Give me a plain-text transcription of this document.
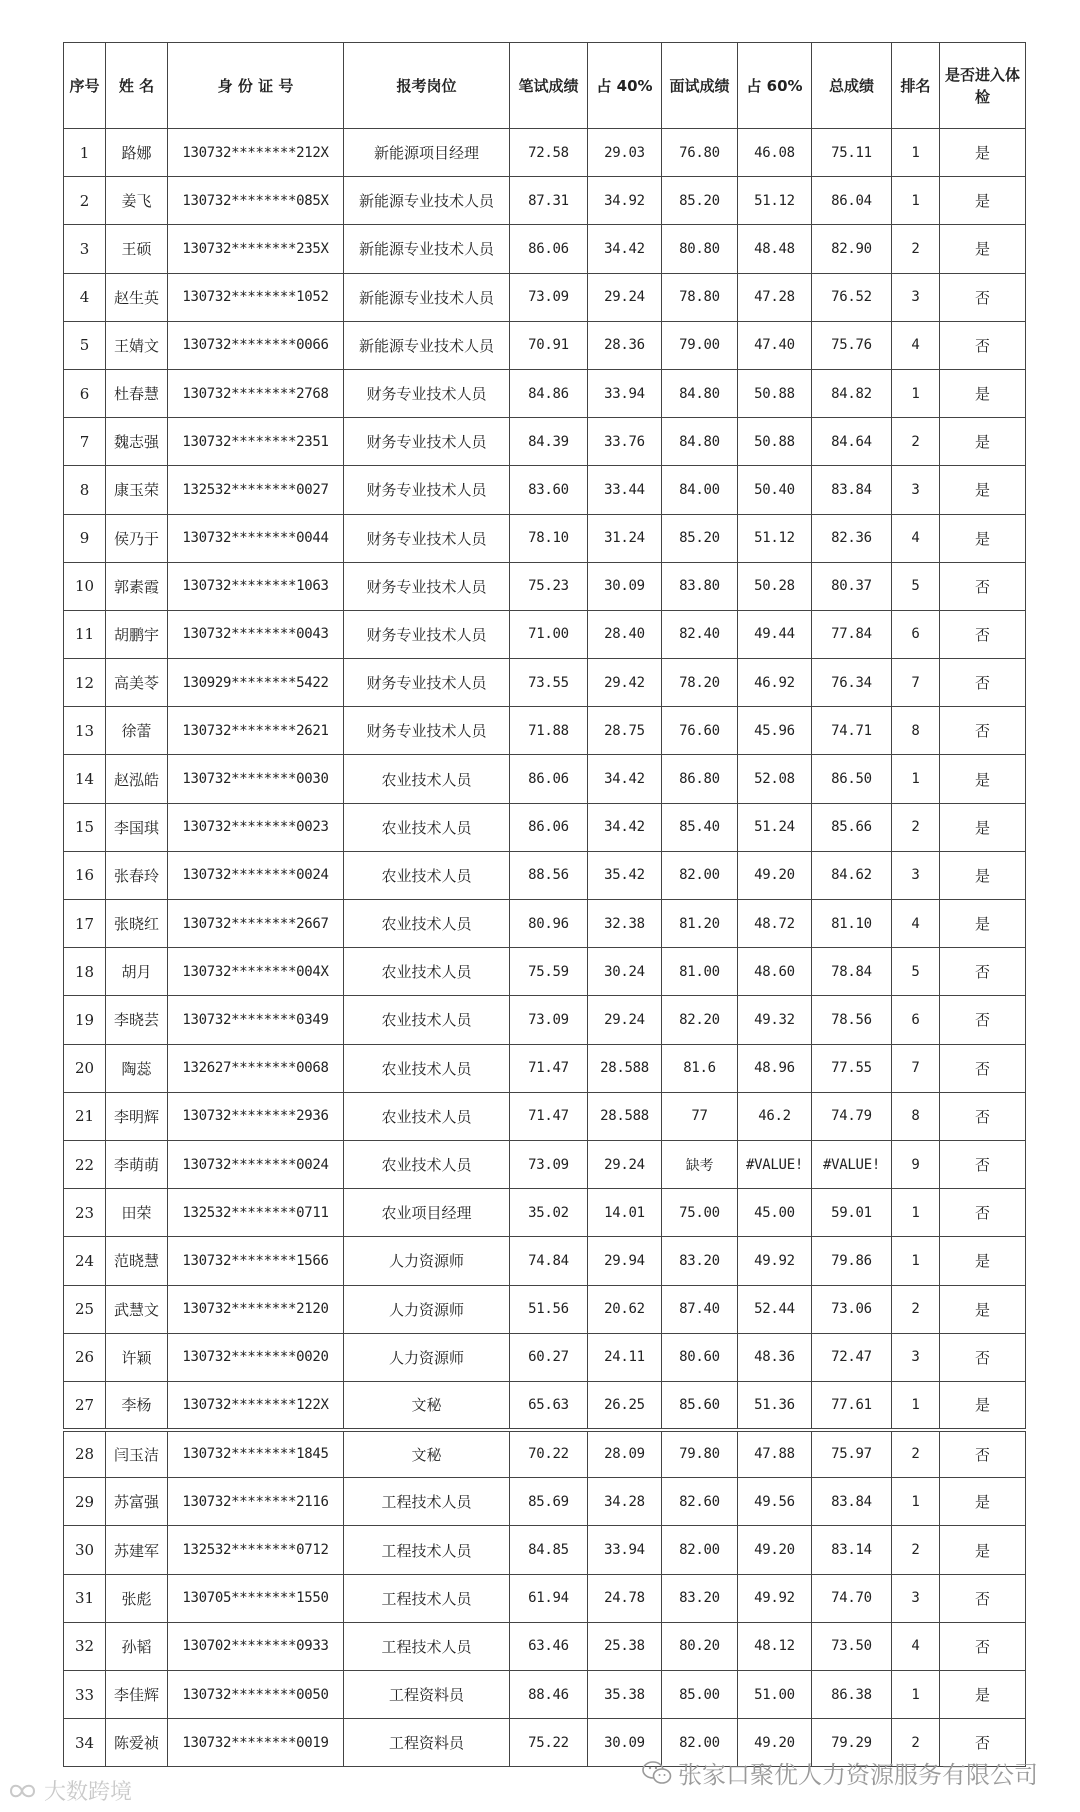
序号	姓 名	身 份 证 号	报考岗位	笔试成绩	占 40%	面试成绩	占 60%	总成绩	排名	是否进入体检
1	路娜	130732********212X	新能源项目经理	72.58	29.03	76.80	46.08	75.11	1	是
2	姜飞	130732********085X	新能源专业技术人员	87.31	34.92	85.20	51.12	86.04	1	是
3	王硕	130732********235X	新能源专业技术人员	86.06	34.42	80.80	48.48	82.90	2	是
4	赵生英	130732********1052	新能源专业技术人员	73.09	29.24	78.80	47.28	76.52	3	否
5	王婧文	130732********0066	新能源专业技术人员	70.91	28.36	79.00	47.40	75.76	4	否
6	杜春慧	130732********2768	财务专业技术人员	84.86	33.94	84.80	50.88	84.82	1	是
7	魏志强	130732********2351	财务专业技术人员	84.39	33.76	84.80	50.88	84.64	2	是
8	康玉荣	132532********0027	财务专业技术人员	83.60	33.44	84.00	50.40	83.84	3	是
9	侯乃于	130732********0044	财务专业技术人员	78.10	31.24	85.20	51.12	82.36	4	是
10	郭素霞	130732********1063	财务专业技术人员	75.23	30.09	83.80	50.28	80.37	5	否
11	胡鹏宇	130732********0043	财务专业技术人员	71.00	28.40	82.40	49.44	77.84	6	否
12	高美苓	130929********5422	财务专业技术人员	73.55	29.42	78.20	46.92	76.34	7	否
13	徐蕾	130732********2621	财务专业技术人员	71.88	28.75	76.60	45.96	74.71	8	否
14	赵泓皓	130732********0030	农业技术人员	86.06	34.42	86.80	52.08	86.50	1	是
15	李国琪	130732********0023	农业技术人员	86.06	34.42	85.40	51.24	85.66	2	是
16	张春玲	130732********0024	农业技术人员	88.56	35.42	82.00	49.20	84.62	3	是
17	张晓红	130732********2667	农业技术人员	80.96	32.38	81.20	48.72	81.10	4	是
18	胡月	130732********004X	农业技术人员	75.59	30.24	81.00	48.60	78.84	5	否
19	李晓芸	130732********0349	农业技术人员	73.09	29.24	82.20	49.32	78.56	6	否
20	陶蕊	132627********0068	农业技术人员	71.47	28.588	81.6	48.96	77.55	7	否
21	李明辉	130732********2936	农业技术人员	71.47	28.588	77	46.2	74.79	8	否
22	李萌萌	130732********0024	农业技术人员	73.09	29.24	缺考	#VALUE!	#VALUE!	9	否
23	田荣	132532********0711	农业项目经理	35.02	14.01	75.00	45.00	59.01	1	否
24	范晓慧	130732********1566	人力资源师	74.84	29.94	83.20	49.92	79.86	1	是
25	武慧文	130732********2120	人力资源师	51.56	20.62	87.40	52.44	73.06	2	是
26	许颖	130732********0020	人力资源师	60.27	24.11	80.60	48.36	72.47	3	否
27	李杨	130732********122X	文秘	65.63	26.25	85.60	51.36	77.61	1	是
28	闫玉洁	130732********1845	文秘	70.22	28.09	79.80	47.88	75.97	2	否
29	苏富强	130732********2116	工程技术人员	85.69	34.28	82.60	49.56	83.84	1	是
30	苏建军	132532********0712	工程技术人员	84.85	33.94	82.00	49.20	83.14	2	是
31	张彪	130705********1550	工程技术人员	61.94	24.78	83.20	49.92	74.70	3	否
32	孙韬	130702********0933	工程技术人员	63.46	25.38	80.20	48.12	73.50	4	否
33	李佳辉	130732********0050	工程资料员	88.46	35.38	85.00	51.00	86.38	1	是
34	陈爱祯	130732********0019	工程资料员	75.22	30.09	82.00	49.20	79.29	2	否
张家口聚优人力资源服务有限公司
大数跨境
